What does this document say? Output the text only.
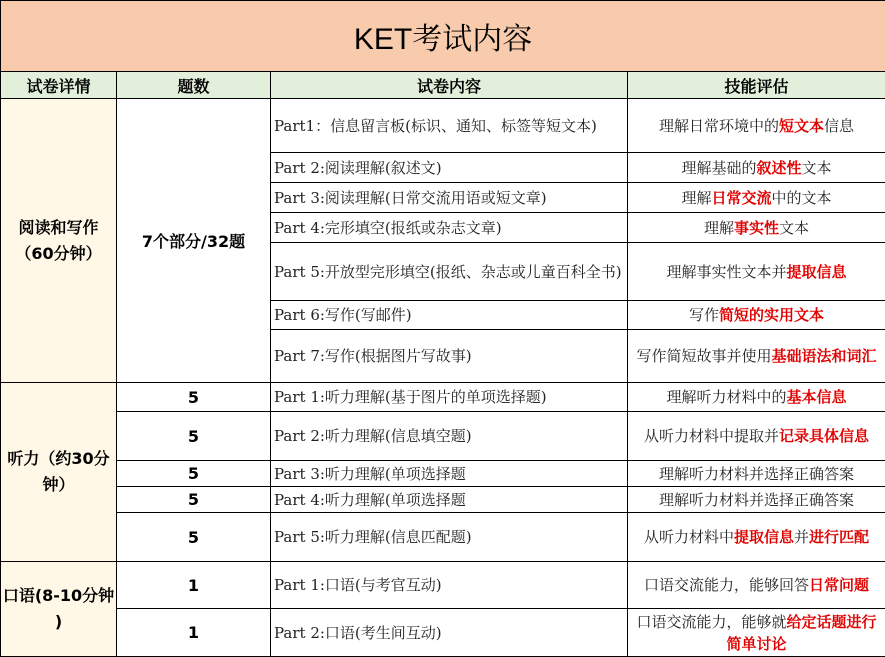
KET考试内容			
试卷详情	题数	试卷内容	技能评估
阅读和写作（60分钟）	7个部分/32题	Part1：信息留言板(标识、通知、标签等短文本)	理解日常环境中的短文本信息
		Part 2:阅读理解(叙述文)	理解基础的叙述性文本
		Part 3:阅读理解(日常交流用语或短文章)	理解日常交流中的文本
		Part 4:完形填空(报纸或杂志文章)	理解事实性文本
		Part 5:开放型完形填空(报纸、杂志或儿童百科全书)	理解事实性文本并提取信息
		Part 6:写作(写邮件)	写作简短的实用文本
		Part 7:写作(根据图片写故事)	写作简短故事并使用基础语法和词汇
听力（约30分钟）	5	Part 1:听力理解(基于图片的单项选择题)	理解听力材料中的基本信息
	5	Part 2:听力理解(信息填空题)	从听力材料中提取并记录具体信息
	5	Part 3:听力理解(单项选择题	理解听力材料并选择正确答案
	5	Part 4:听力理解(单项选择题	理解听力材料并选择正确答案
	5	Part 5:听力理解(信息匹配题)	从听力材料中提取信息并进行匹配
口语(8-10分钟 )	1	Part 1:口语(与考官互动)	口语交流能力，能够回答日常问题
	1	Part 2:口语(考生间互动)	口语交流能力，能够就给定话题进行简单讨论
